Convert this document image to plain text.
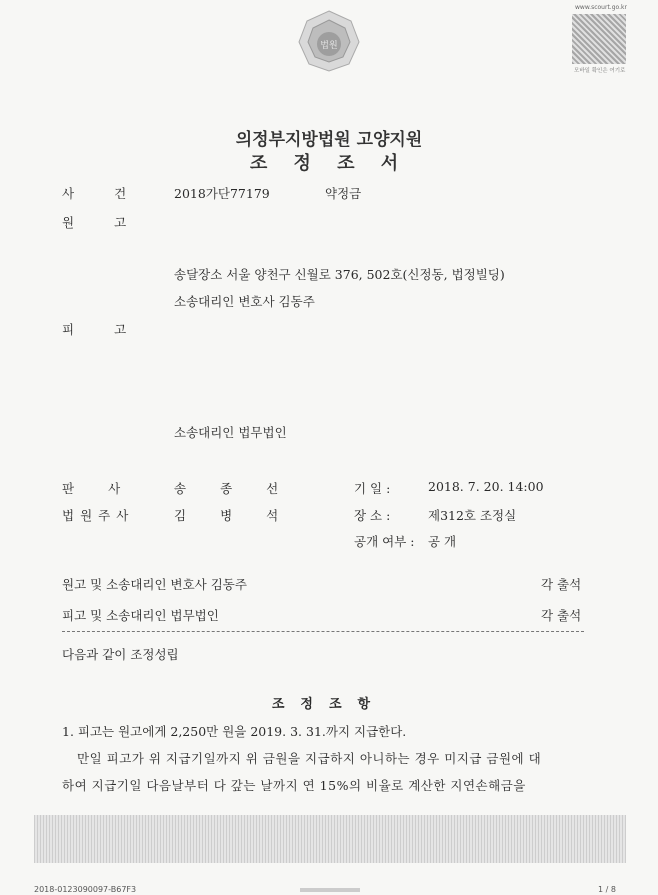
법원
www.scourt.go.kr
모바일 확인은 여기로
의정부지방법원 고양지원
조 정 조 서
사건 2018가단77179	약정금
원고
송달장소 서울 양천구 신월로 376, 502호(신정동, 법정빌딩)
소송대리인 변호사 김동주
피고
소송대리인 법무법인
판사 송종선
법원주사	김병석
기 일 :	2018. 7. 20. 14:00
장 소 :	제312호 조정실
공개 여부 : 공 개
원고 및 소송대리인 변호사 김동주	각 출석
피고 및 소송대리인 법무법인	각 출석
다음과 같이 조정성립
조정조항
1. 피고는 원고에게 2,250만 원을 2019. 3. 31.까지 지급한다.
만일 피고가 위 지급기일까지 위 금원을 지급하지 아니하는 경우 미지급 금원에 대
하여 지급기일 다음날부터 다 갚는 날까지 연 15%의 비율로 계산한 지연손해금을
2018-0123090097-B67F3	1 / 8
